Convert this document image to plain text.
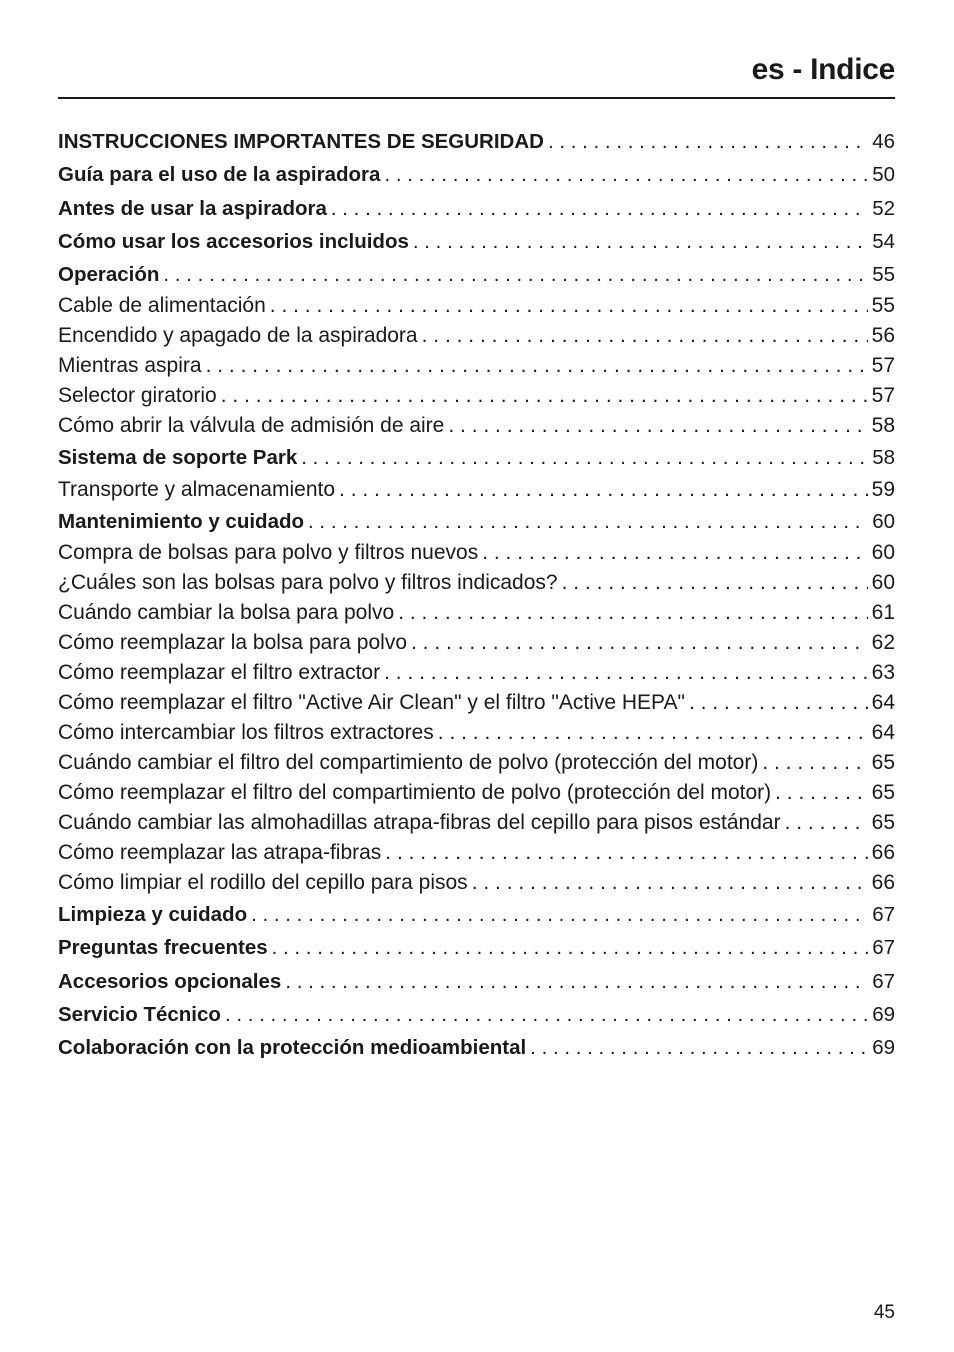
es - Indice
INSTRUCCIONES IMPORTANTES DE SEGURIDAD . . .	46
Guía para el uso de la aspiradora . . .	50
Antes de usar la aspiradora . . .	52
Cómo usar los accesorios incluidos . . .	54
Operación . . .	55
Cable de alimentación . . .	55
Encendido y apagado de la aspiradora . . .	56
Mientras aspira . . .	57
Selector giratorio . . .	57
Cómo abrir la válvula de admisión de aire . . .	58
Sistema de soporte Park . . .	58
Transporte y almacenamiento . . .	59
Mantenimiento y cuidado . . .	60
Compra de bolsas para polvo y filtros nuevos . . .	60
¿Cuáles son las bolsas para polvo y filtros indicados? . . .	60
Cuándo cambiar la bolsa para polvo . . .	61
Cómo reemplazar la bolsa para polvo . . .	62
Cómo reemplazar el filtro extractor . . .	63
Cómo reemplazar el filtro "Active Air Clean" y el filtro "Active HEPA" . . .	64
Cómo intercambiar los filtros extractores . . .	64
Cuándo cambiar el filtro del compartimiento de polvo (protección del motor) . . .	65
Cómo reemplazar el filtro del compartimiento de polvo (protección del motor) . . .	65
Cuándo cambiar las almohadillas atrapa-fibras del cepillo para pisos estándar . . .	65
Cómo reemplazar las atrapa-fibras . . .	66
Cómo limpiar el rodillo del cepillo para pisos . . .	66
Limpieza y cuidado . . .	67
Preguntas frecuentes . . .	67
Accesorios opcionales . . .	67
Servicio Técnico . . .	69
Colaboración con la protección medioambiental . . .	69
45
